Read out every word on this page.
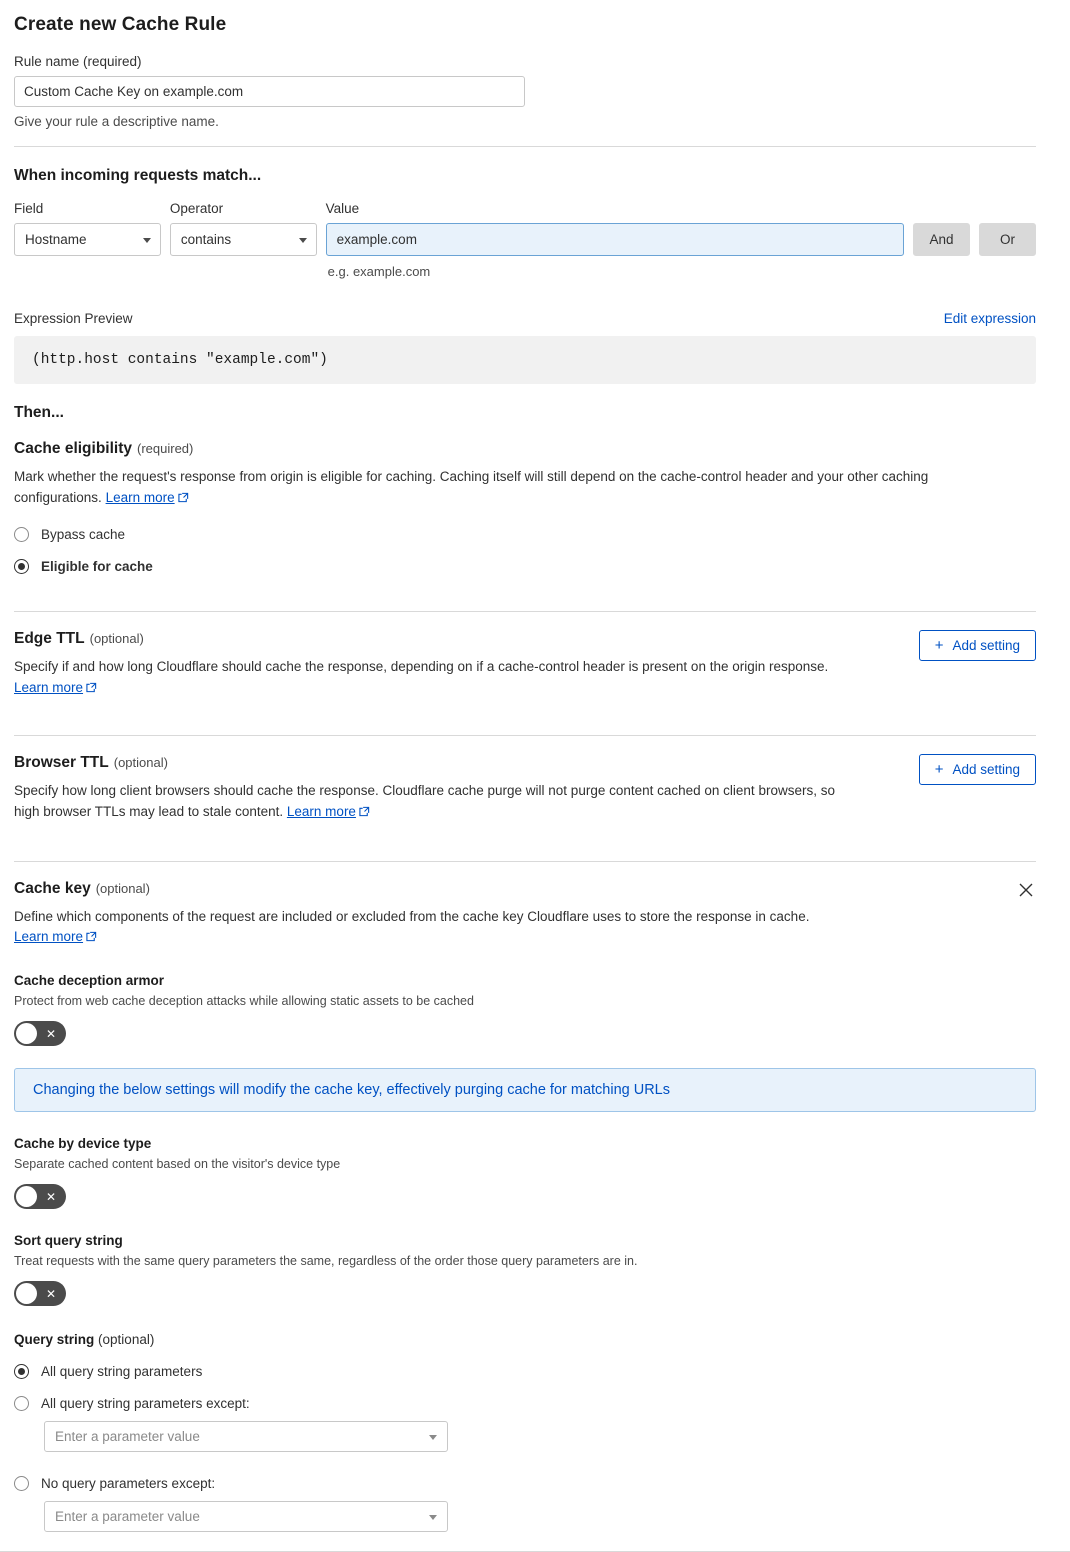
Create new Cache Rule
Rule name (required)
Custom Cache Key on example.com
Give your rule a descriptive name.
When incoming requests match...
Field
Hostname
Operator
contains
Value
example.com
e.g. example.com
And	Or
Expression Preview	Edit expression
(http.host contains "example.com")
Then...
Cache eligibility (required)
Mark whether the request's response from origin is eligible for caching. Caching itself will still depend on the cache-control header and your other caching configurations. Learn more
Bypass cache
Eligible for cache
Edge TTL (optional)
Specify if and how long Cloudflare should cache the response, depending on if a cache-control header is present on the origin response. Learn more
+ Add setting
Browser TTL (optional)
Specify how long client browsers should cache the response. Cloudflare cache purge will not purge content cached on client browsers, so high browser TTLs may lead to stale content. Learn more
+ Add setting
Cache key (optional)
Define which components of the request are included or excluded from the cache key Cloudflare uses to store the response in cache.
Learn more
Cache deception armor
Protect from web cache deception attacks while allowing static assets to be cached
✕
Changing the below settings will modify the cache key, effectively purging cache for matching URLs
Cache by device type
Separate cached content based on the visitor's device type
✕
Sort query string
Treat requests with the same query parameters the same, regardless of the order those query parameters are in.
✕
Query string (optional)
All query string parameters
All query string parameters except:
Enter a parameter value
No query parameters except:
Enter a parameter value
